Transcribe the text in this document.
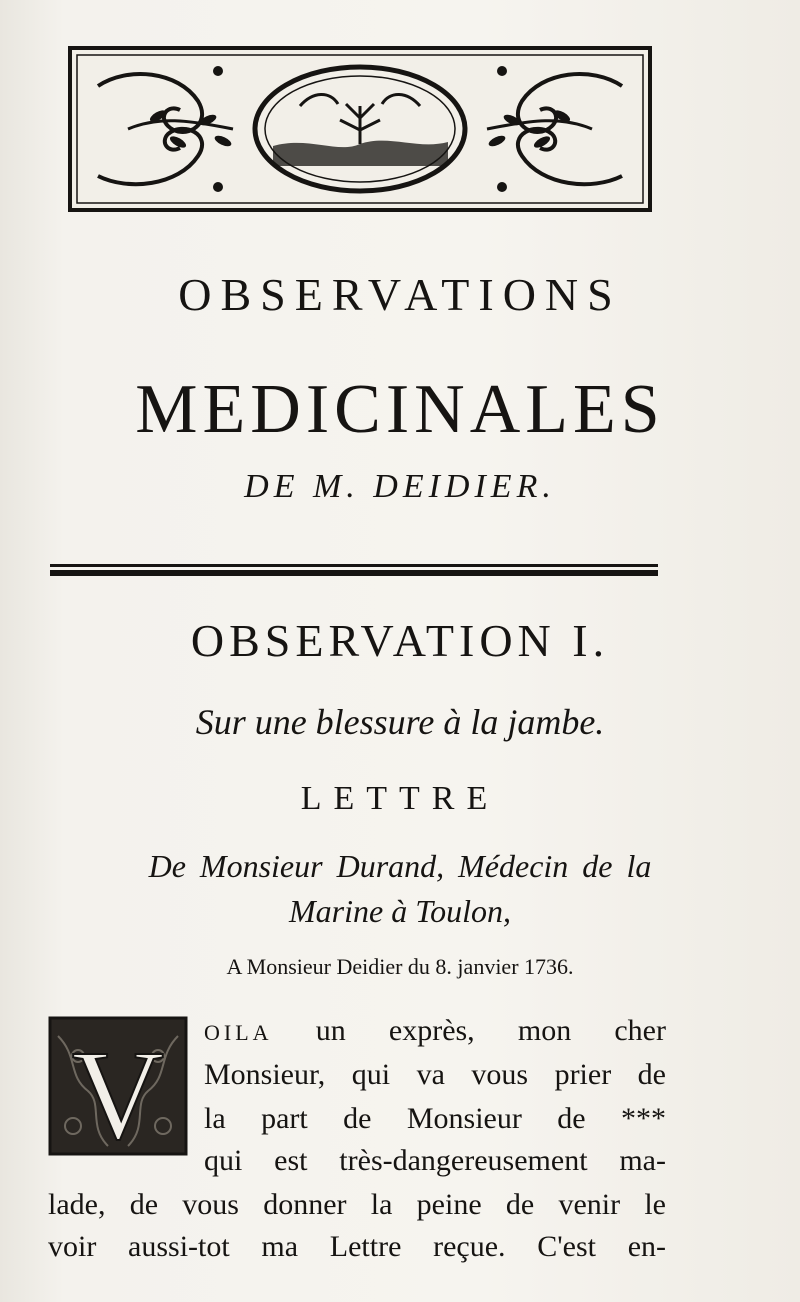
OBSERVATIONS
MEDICINALES
DE M. DEIDIER.
OBSERVATION I.
Sur une blessure à la jambe.
LETTRE
De Monsieur Durand, Médecin de la
Marine à Toulon,
A Monsieur Deidier du 8. janvier 1736.
V OILA un exprès, mon cher
Monsieur, qui va vous prier de
la part de Monsieur de ***
qui est très-dangereusement ma-
lade, de vous donner la peine de venir le
voir aussi-tot ma Lettre reçue. C'est en-
